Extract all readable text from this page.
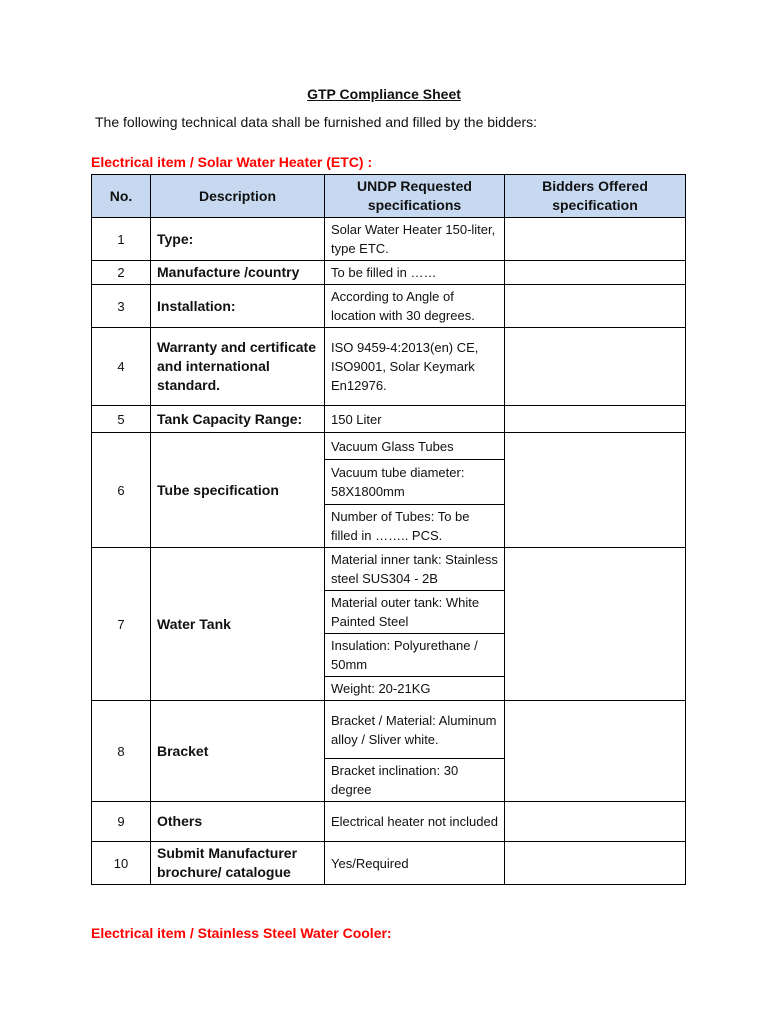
GTP Compliance Sheet
The following technical data shall be furnished and filled by the bidders:
Electrical item / Solar Water Heater (ETC) :
No.	Description	UNDP Requested specifications	Bidders Offered specification
1	Type:	Solar Water Heater 150-liter, type ETC.	
2	Manufacture /country	To be filled in ……	
3	Installation:	According to Angle of location with 30 degrees.	
4	Warranty and certificate and international standard.	ISO 9459-4:2013(en) CE, ISO9001, Solar Keymark En12976.	
5	Tank Capacity Range:	150 Liter	
6	Tube specification	Vacuum Glass Tubes	
		Vacuum tube diameter: 58X1800mm	
		Number of Tubes: To be filled in …….. PCS.	
7	Water Tank	Material inner tank: Stainless steel SUS304 - 2B	
		Material outer tank: White Painted Steel	
		Insulation: Polyurethane / 50mm	
		Weight: 20-21KG	
8	Bracket	Bracket / Material: Aluminum alloy / Sliver white.	
		Bracket inclination: 30 degree	
9	Others	Electrical heater not included	
10	Submit Manufacturer brochure/ catalogue	Yes/Required	
Electrical item / Stainless Steel Water Cooler:
